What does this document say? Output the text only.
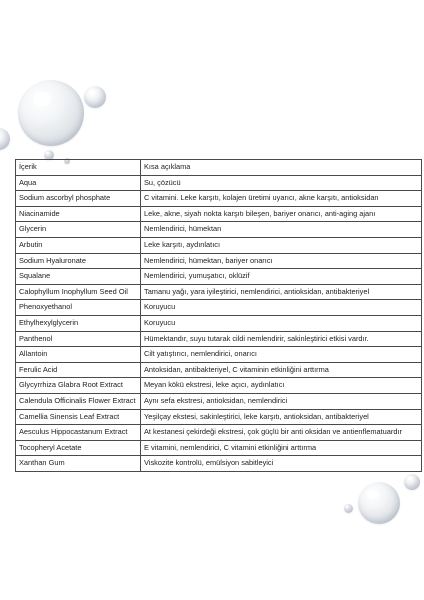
İçerik	Kısa açıklama
Aqua	Su, çözücü
Sodium ascorbyl phosphate	C vitamini. Leke karşıtı, kolajen üretimi uyarıcı, akne karşıtı, antioksidan
Niacinamide	Leke, akne, siyah nokta karşıtı bileşen, bariyer onarıcı, anti-aging ajanı
Glycerin	Nemlendirici, hümektan
Arbutin	Leke karşıtı, aydınlatıcı
Sodium Hyaluronate	Nemlendirici, hümektan, bariyer onarıcı
Squalane	Nemlendirici, yumuşatıcı, oklüzif
Calophyllum Inophyllum Seed Oil	Tamanu yağı, yara iyileştirici, nemlendirici, antioksidan, antibakteriyel
Phenoxyethanol	Koruyucu
Ethylhexylglycerin	Koruyucu
Panthenol	Hümektandır, suyu tutarak cildi nemlendirir, sakinleştirici etkisi vardır.
Allantoin	Cilt yatıştırıcı, nemlendirici, onarıcı
Ferulic Acid	Antoksidan, antibakteriyel, C vitaminin etkinliğini arttırma
Glycyrrhiza Glabra Root Extract	Meyan kökü ekstresi, leke açıcı, aydınlatıcı
Calendula Officinalis Flower Extract	Aynı sefa ekstresi, antioksidan, nemlendirici
Camellia Sinensis Leaf Extract	Yeşilçay ekstesi, sakinleştirici, leke karşıtı, antioksidan, antibakteriyel
Aesculus Hippocastanum Extract	At kestanesi çekirdeği ekstresi, çok güçlü bir anti oksidan ve antienflematuardır
Tocopheryl Acetate	E vitamini, nemlendirici, C vitamini etkinliğini arttırma
Xanthan Gum	Viskozite kontrolü, emülsiyon sabitleyici
